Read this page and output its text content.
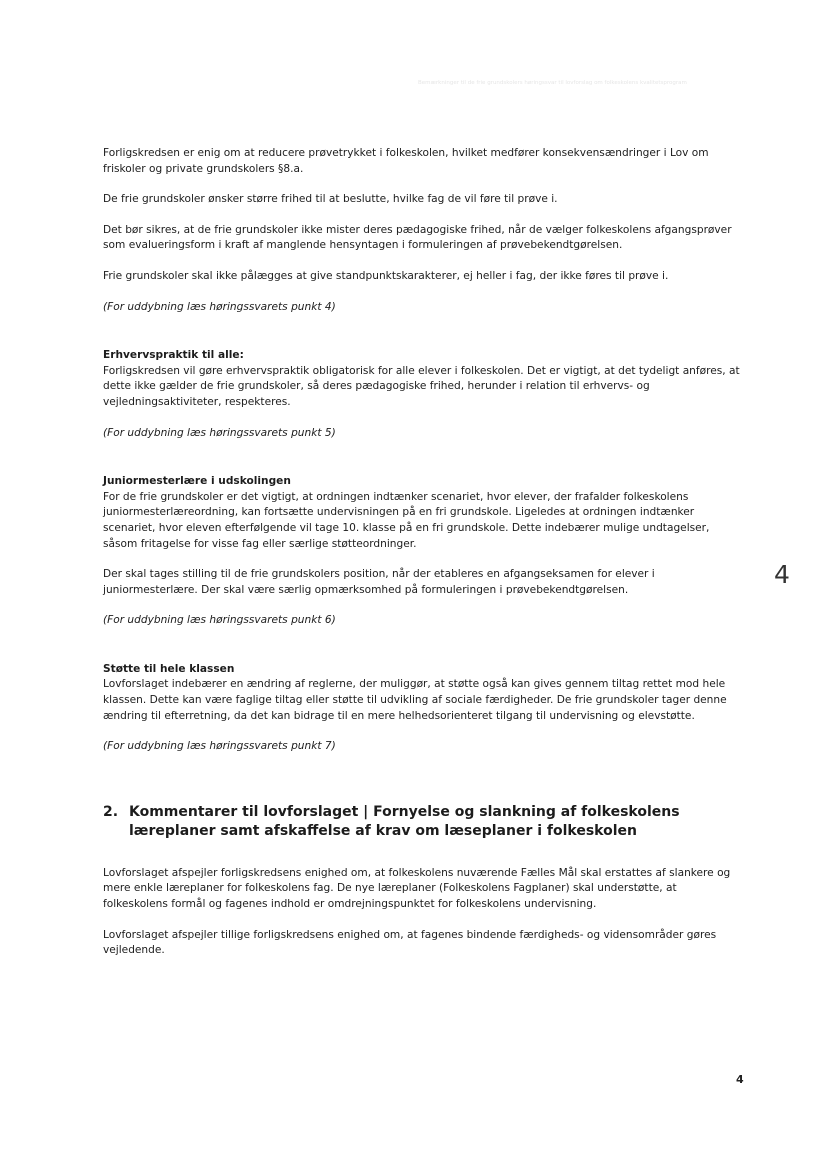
Bemærkninger til de frie grundskolers høringssvar til lovforslag om folkeskolens kvalitetsprogram

Forligskredsen er enig om at reducere prøvetrykket i folkeskolen, hvilket medfører konsekvensændringer i Lov om friskoler og private grundskolers §8.a.

De frie grundskoler ønsker større frihed til at beslutte, hvilke fag de vil føre til prøve i.

Det bør sikres, at de frie grundskoler ikke mister deres pædagogiske frihed, når de vælger folkeskolens afgangsprøver som evalueringsform i kraft af manglende hensyntagen i formuleringen af prøvebekendtgørelsen.

Frie grundskoler skal ikke pålægges at give standpunktskarakterer, ej heller i fag, der ikke føres til prøve i.

(For uddybning læs høringssvarets punkt 4)

Erhvervspraktik til alle:

Forligskredsen vil gøre erhvervspraktik obligatorisk for alle elever i folkeskolen. Det er vigtigt, at det tydeligt anføres, at dette ikke gælder de frie grundskoler, så deres pædagogiske frihed, herunder i relation til erhvervs- og vejledningsaktiviteter, respekteres.

(For uddybning læs høringssvarets punkt 5)

Juniormesterlære i udskolingen

For de frie grundskoler er det vigtigt, at ordningen indtænker scenariet, hvor elever, der frafalder folkeskolens juniormesterlæreordning, kan fortsætte undervisningen på en fri grundskole. Ligeledes at ordningen indtænker scenariet, hvor eleven efterfølgende vil tage 10. klasse på en fri grundskole. Dette indebærer mulige undtagelser, såsom fritagelse for visse fag eller særlige støtteordninger.

Der skal tages stilling til de frie grundskolers position, når der etableres en afgangseksamen for elever i juniormesterlære. Der skal være særlig opmærksomhed på formuleringen i prøvebekendtgørelsen.

(For uddybning læs høringssvarets punkt 6)

Støtte til hele klassen

Lovforslaget indebærer en ændring af reglerne, der muliggør, at støtte også kan gives gennem tiltag rettet mod hele klassen. Dette kan være faglige tiltag eller støtte til udvikling af sociale færdigheder. De frie grundskoler tager denne ændring til efterretning, da det kan bidrage til en mere helhedsorienteret tilgang til undervisning og elevstøtte.

(For uddybning læs høringssvarets punkt 7)

2. Kommentarer til lovforslaget | Fornyelse og slankning af folkeskolens læreplaner samt afskaffelse af krav om læseplaner i folkeskolen

Lovforslaget afspejler forligskredsens enighed om, at folkeskolens nuværende Fælles Mål skal erstattes af slankere og mere enkle læreplaner for folkeskolens fag. De nye læreplaner (Folkeskolens Fagplaner) skal understøtte, at folkeskolens formål og fagenes indhold er omdrejningspunktet for folkeskolens undervisning.

Lovforslaget afspejler tillige forligskredsens enighed om, at fagenes bindende færdigheds- og vidensområder gøres vejledende.

4
4
